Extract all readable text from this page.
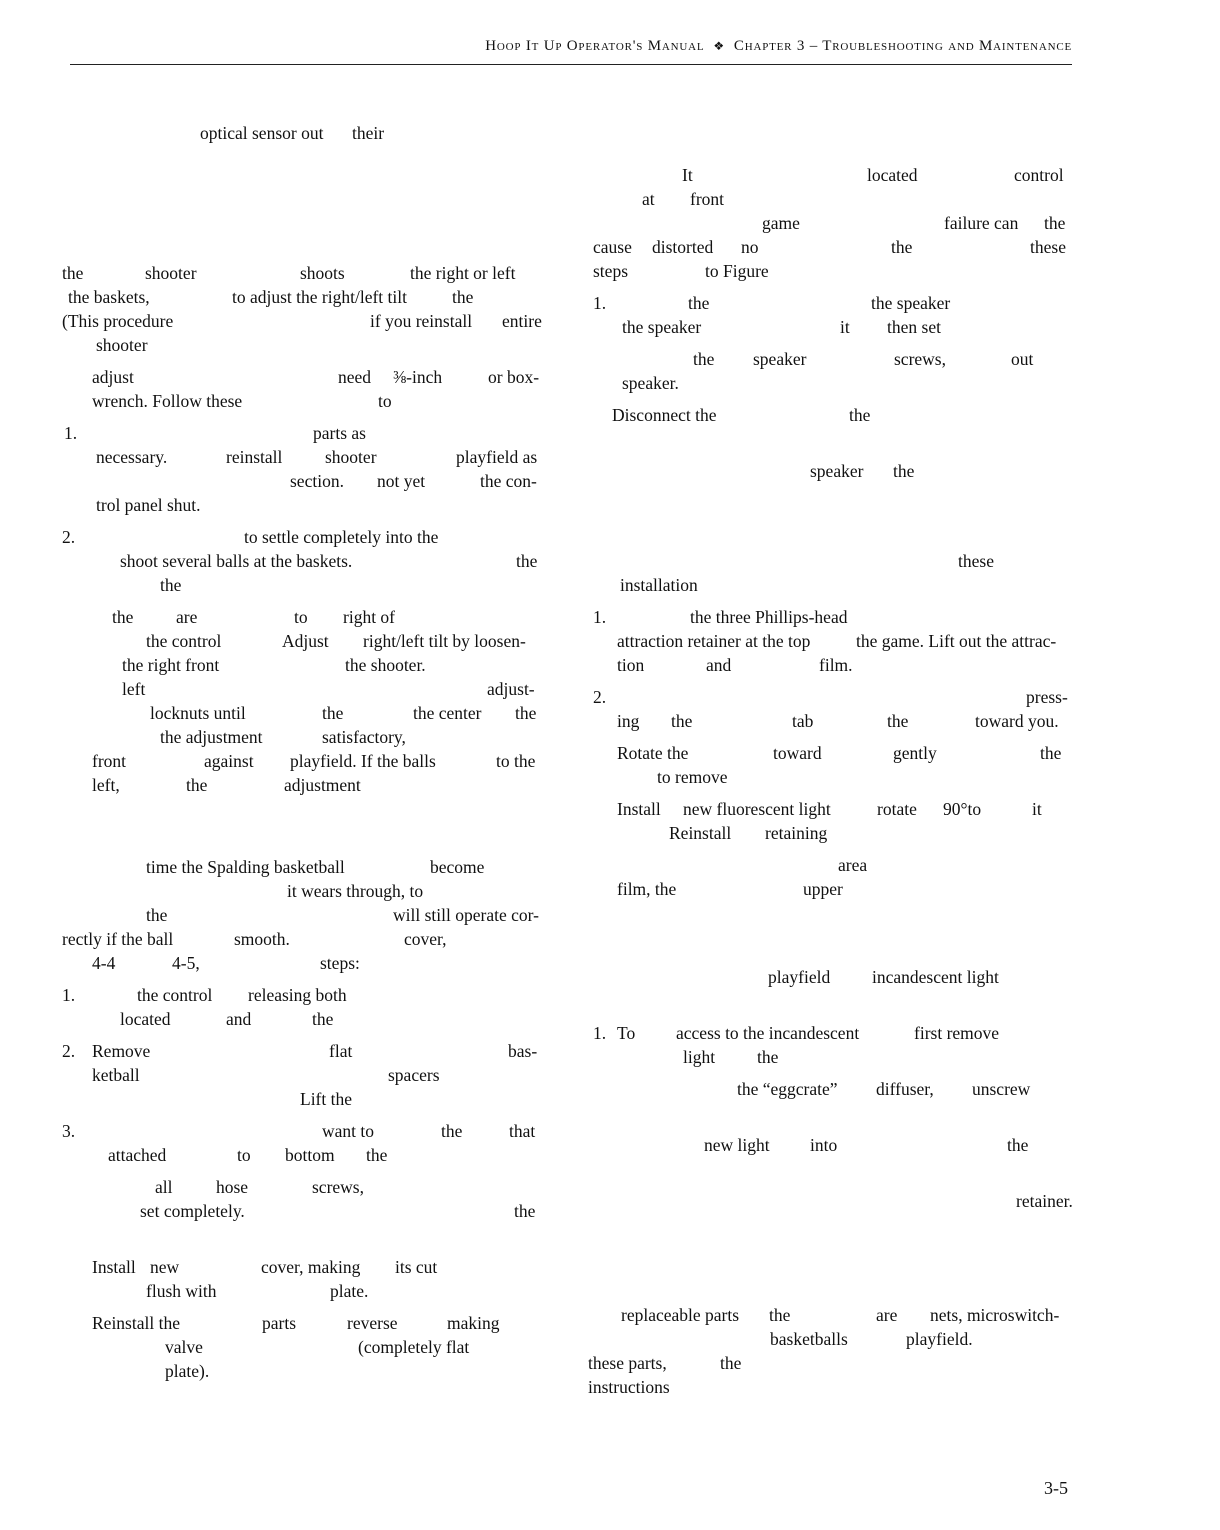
Hoop It Up Operator's Manual ❖ Chapter 3 – Troubleshooting and Maintenance
optical sensor out their
the	shooter	shoots	the right or left
the baskets,	to adjust the right/left tilt	the
(This procedure	if you reinstall entire
shooter
adjust	need ⅜-inch	or box-
wrench. Follow these	to
1.	parts as
necessary.	reinstall shooter	playfield as
section. not yet	the con-
trol panel shut.
2.	to settle completely into the
shoot several balls at the baskets.	the
the
the are	to right of
the control	Adjust right/left tilt by loosen-
the right front	the shooter.
left	adjust-
locknuts until	the	the center the
the adjustment	satisfactory,
front	against playfield. If the balls	to the
left,	the	adjustment
time the Spalding basketball	become
it wears through, to
the	will still operate cor-
rectly if the ball	smooth.	cover,
4-4	4-5,	steps:
1.	the control releasing both
located	and	the
2. Remove	flat	bas-
ketball	spacers
Lift the
3.	want to	the	that
attached	to bottom the
all hose	screws,
set completely.	the
Install new	cover, making its cut
flush with	plate.
Reinstall the	parts	reverse	making
valve	(completely flat
plate).
It	located	control
at front
game	failure can the
cause distorted no	the	these
steps	to Figure
1.	the	the speaker
the speaker	it then set
the speaker	screws,	out
speaker.
Disconnect the	the
speaker the
these
installation
1.	the three Phillips-head
attraction retainer at the top	the game. Lift out the attrac-
tion	and	film.
2.	press-
ing the	tab	the	toward you.
Rotate the	toward	gently	the
to remove
Install new fluorescent light	rotate 90°to	it
Reinstall retaining
area
film, the	upper
playfield incandescent light
1. To access to the incandescent	first remove
light the
the “eggcrate” diffuser, unscrew
new light into	the
retainer.
replaceable parts the	are nets, microswitch-
basketballs	playfield.
these parts,	the
instructions
3-5
